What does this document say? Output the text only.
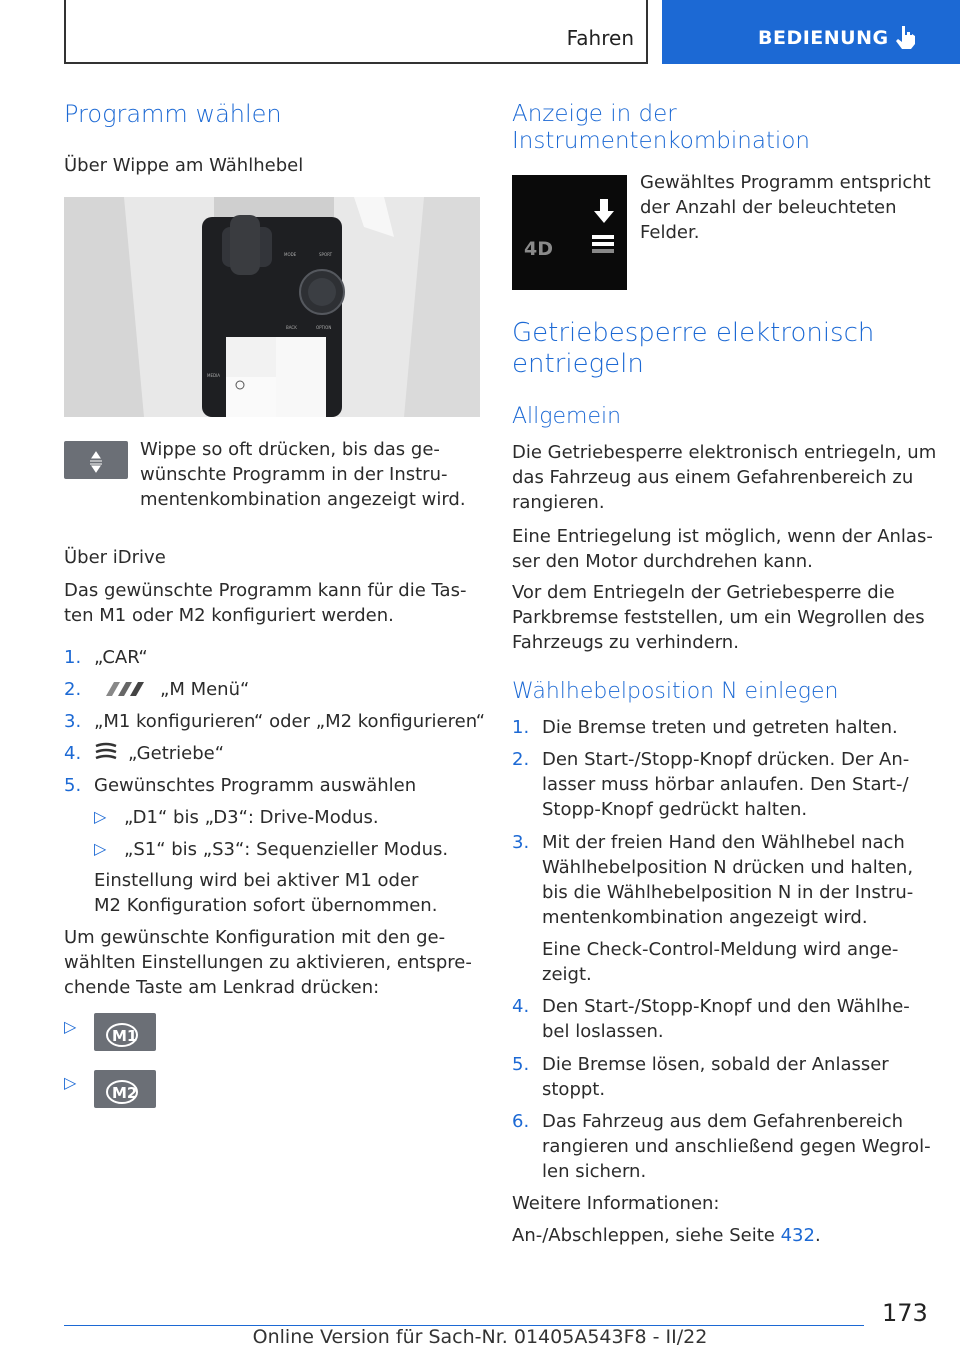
Fahren	BEDIENUNG
Programm wählen
Über Wippe am Wählhebel
MODE	SPORT
OPTION
BACK
MEDIA
Wippe so oft drücken, bis das ge-
wünschte Programm in der Instru-
mentenkombination angezeigt wird.
Über iDrive
Das gewünschte Programm kann für die Tas-
ten M1 oder M2 konfiguriert werden.
1. „CAR“
2.	„M Menü“
3. „M1 konfigurieren“ oder „M2 konfigurieren“
4.	„Getriebe“
5. Gewünschtes Programm auswählen
▷ „D1“ bis „D3“: Drive-Modus.
▷ „S1“ bis „S3“: Sequenzieller Modus.
Einstellung wird bei aktiver M1 oder
M2 Konfiguration sofort übernommen.
Um gewünschte Konfiguration mit den ge-
wählten Einstellungen zu aktivieren, entspre-
chende Taste am Lenkrad drücken:
▷ M1
▷
M2
Anzeige in der
Instrumentenkombination
4D
Gewähltes Programm entspricht
der Anzahl der beleuchteten
Felder.
Getriebesperre elektronisch
entriegeln
Allgemein
Die Getriebesperre elektronisch entriegeln, um
das Fahrzeug aus einem Gefahrenbereich zu
rangieren.
Eine Entriegelung ist möglich, wenn der Anlas-
ser den Motor durchdrehen kann.
Vor dem Entriegeln der Getriebesperre die
Parkbremse feststellen, um ein Wegrollen des
Fahrzeugs zu verhindern.
Wählhebelposition N einlegen
1. Die Bremse treten und getreten halten.
2. Den Start-/Stopp-Knopf drücken. Der An-
lasser muss hörbar anlaufen. Den Start-/
Stopp-Knopf gedrückt halten.
3. Mit der freien Hand den Wählhebel nach
Wählhebelposition N drücken und halten,
bis die Wählhebelposition N in der Instru-
mentenkombination angezeigt wird.
Eine Check-Control-Meldung wird ange-
zeigt.
4. Den Start-/Stopp-Knopf und den Wählhe-
bel loslassen.
5. Die Bremse lösen, sobald der Anlasser
stoppt.
6. Das Fahrzeug aus dem Gefahrenbereich
rangieren und anschließend gegen Wegrol-
len sichern.
Weitere Informationen:
An-/Abschleppen, siehe Seite 432.
173
Online Version für Sach-Nr. 01405A543F8 - II/22
